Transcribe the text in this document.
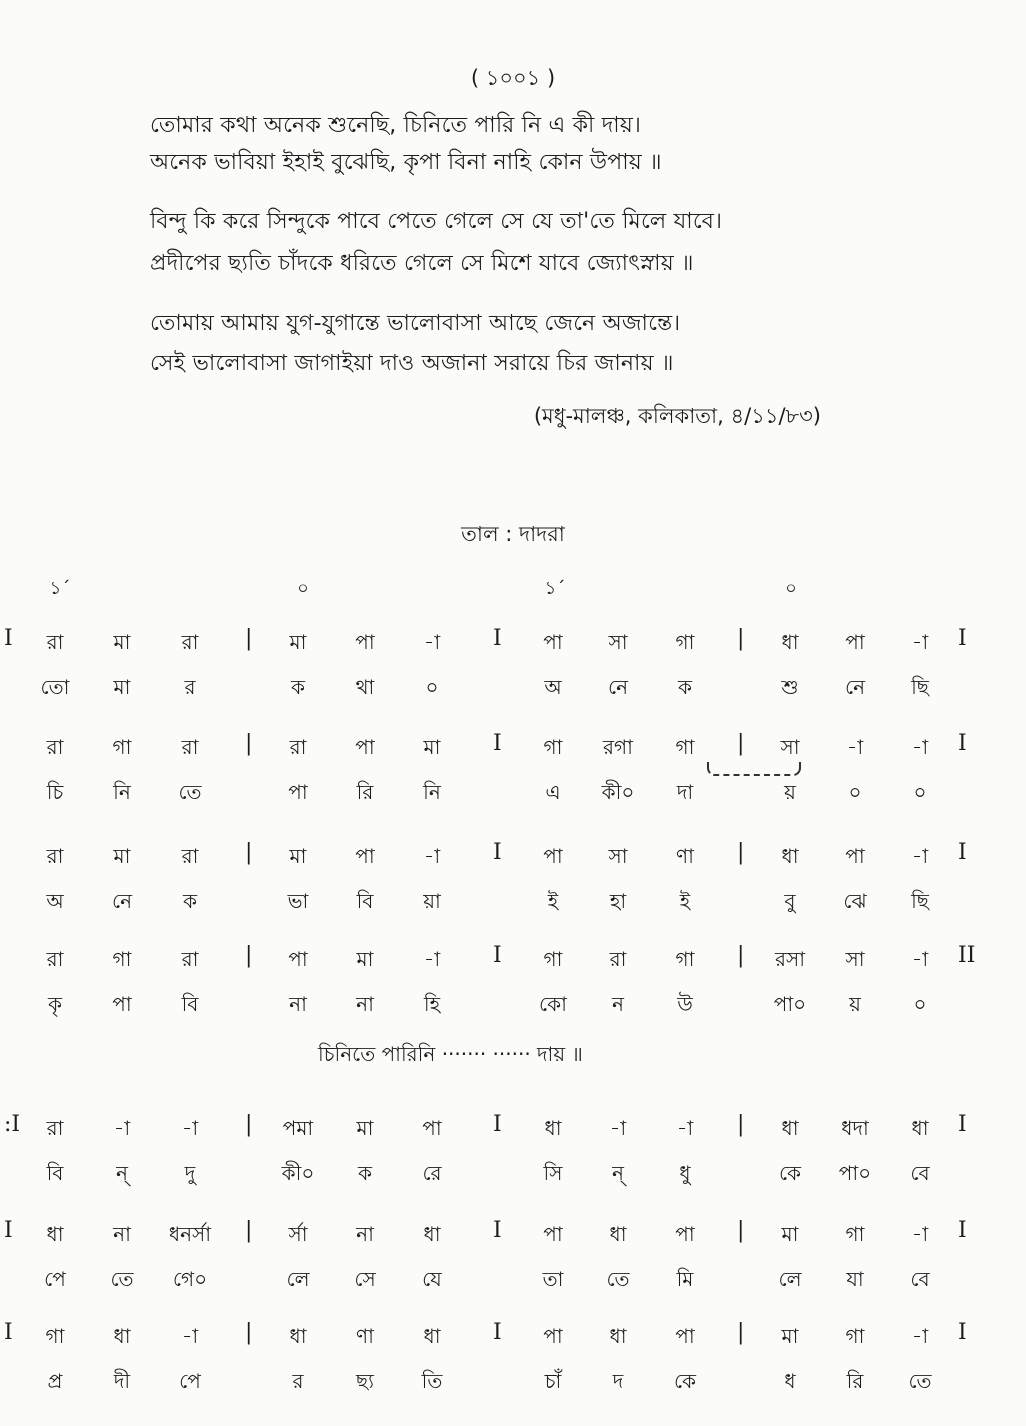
( ১০০১ )
তোমার কথা অনেক শুনেছি, চিনিতে পারি নি এ কী দায়।
অনেক ভাবিয়া ইহাই বুঝেছি, কৃপা বিনা নাহি কোন উপায় ॥
বিন্দু কি করে সিন্দুকে পাবে পেতে গেলে সে যে তা'তে মিলে যাবে।
প্রদীপের ছ্যতি চাঁদকে ধরিতে গেলে সে মিশে যাবে জ্যোৎস্নায় ॥
তোমায় আমায় যুগ-যুগান্তে ভালোবাসা আছে জেনে অজান্তে।
সেই ভালোবাসা জাগাইয়া দাও অজানা সরায়ে চির জানায় ॥
(মধু-মালঞ্চ, কলিকাতা, ৪/১১/৮৩)
তাল : দাদরা
১´	০	১´	০
I	I
|	I	|
রা	মা	রা	মা	পা	-া	পা	সা	গা	ধা	পা	-া
তো	মা	র	ক	থা	০	অ	নে	ক	শু	নে	ছি
I
|	I	|
রা	গা	রা	রা	পা	মা	গা	রগা	গা	সা	-া	-া
চি	নি	তে	পা	রি	নি	এ	কী০	দা	য়	০	০
I
|	I	|
রা	মা	রা	মা	পা	-া	পা	সা	ণা	ধা	পা	-া
অ	নে	ক	ভা	বি	য়া	ই	হা	ই	বু	ঝে	ছি
II
|	I	|
রা	গা	রা	পা	মা	-া	গা	রা	গা	রসা	সা	-া
কৃ	পা	বি	না	না	হি	কো	ন	উ	পা০	য়	০
:I	I
|	I	|
রা	-া	-া	পমা	মা	পা	ধা	-া	-া	ধা	ধদা	ধা
বি	ন্	দু	কী০	ক	রে	সি	ন্	ধু	কে	পা০	বে
I	I
|	I	|
ধা	না	ধনর্সা	র্সা	না	ধা	পা	ধা	পা	মা	গা	-া
পে	তে	গে০	লে	সে	যে	তা	তে	মি	লে	যা	বে
I	I
|	I	|
গা	ধা	-া	ধা	ণা	ধা	পা	ধা	পা	মা	গা	-া
প্র	দী	পে	র	ছ্য	তি	চাঁ	দ	কে	ধ	রি	তে
চিনিতে পারিনি ······· ······ দায় ॥
